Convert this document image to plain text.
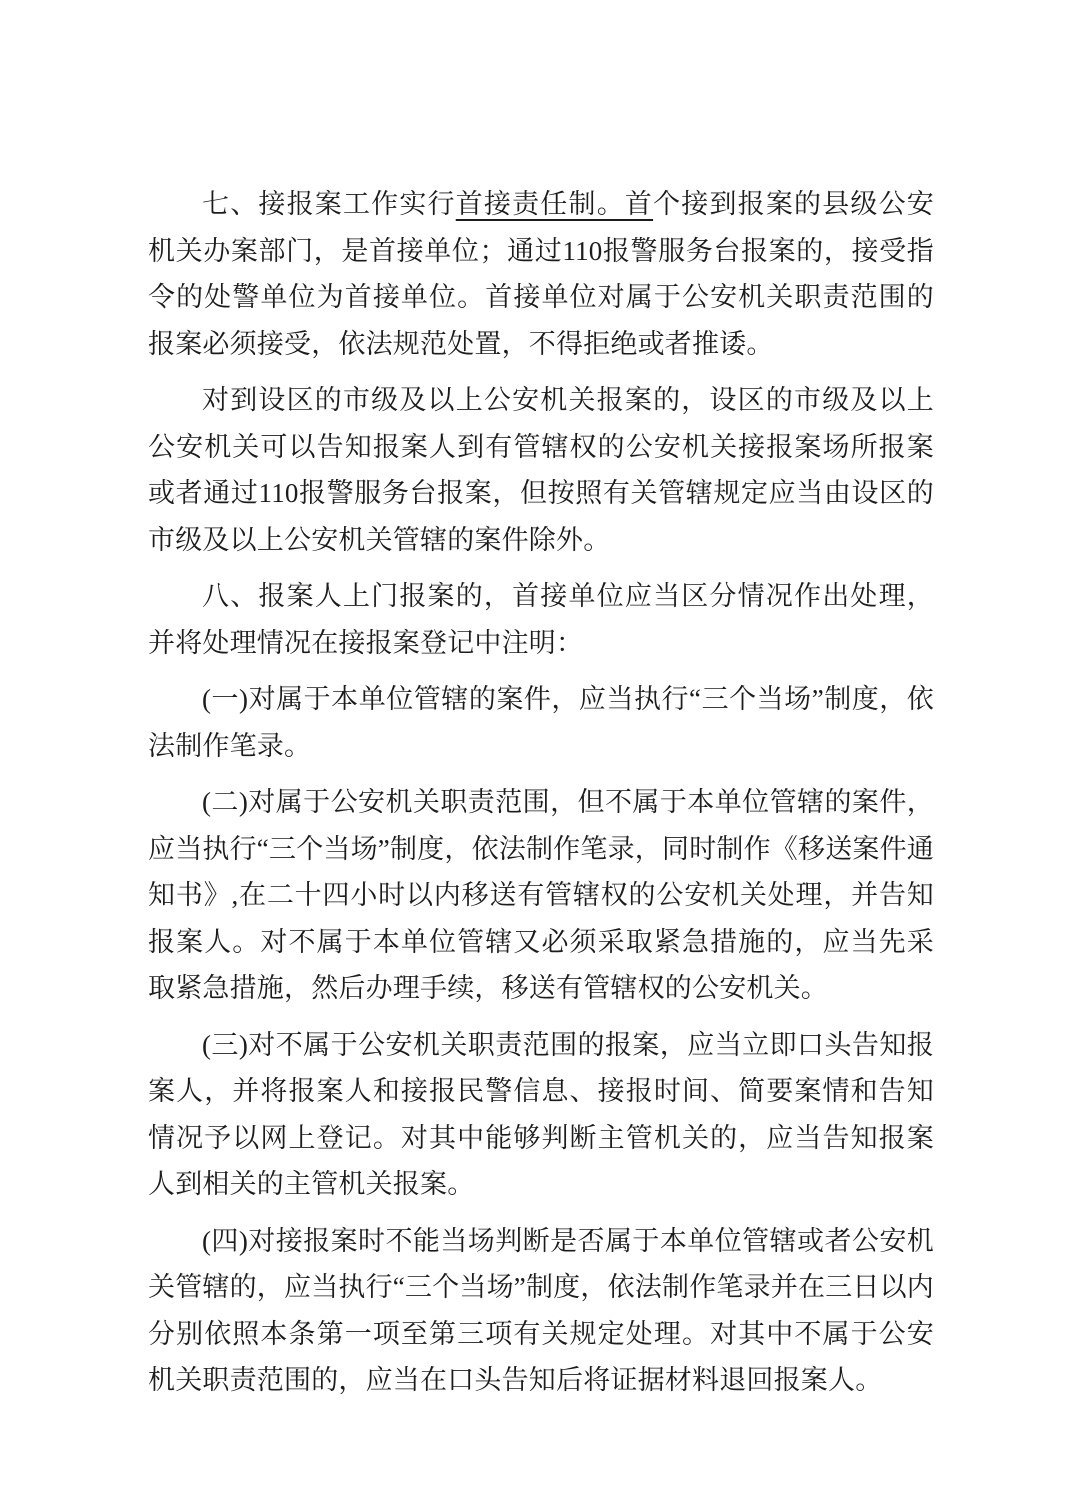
七、接报案工作实行首接责任制。首个接到报案的县级公安机关办案部门，是首接单位；通过110报警服务台报案的，接受指令的处警单位为首接单位。首接单位对属于公安机关职责范围的报案必须接受，依法规范处置，不得拒绝或者推诿。

对到设区的市级及以上公安机关报案的，设区的市级及以上公安机关可以告知报案人到有管辖权的公安机关接报案场所报案或者通过110报警服务台报案，但按照有关管辖规定应当由设区的市级及以上公安机关管辖的案件除外。

八、报案人上门报案的，首接单位应当区分情况作出处理，并将处理情况在接报案登记中注明：

(一)对属于本单位管辖的案件，应当执行“三个当场”制度，依法制作笔录。

(二)对属于公安机关职责范围，但不属于本单位管辖的案件，应当执行“三个当场”制度，依法制作笔录，同时制作《移送案件通知书》,在二十四小时以内移送有管辖权的公安机关处理，并告知报案人。对不属于本单位管辖又必须采取紧急措施的，应当先采取紧急措施，然后办理手续，移送有管辖权的公安机关。

(三)对不属于公安机关职责范围的报案，应当立即口头告知报案人，并将报案人和接报民警信息、接报时间、简要案情和告知情况予以网上登记。对其中能够判断主管机关的，应当告知报案人到相关的主管机关报案。

(四)对接报案时不能当场判断是否属于本单位管辖或者公安机关管辖的，应当执行“三个当场”制度，依法制作笔录并在三日以内分别依照本条第一项至第三项有关规定处理。对其中不属于公安机关职责范围的，应当在口头告知后将证据材料退回报案人。
